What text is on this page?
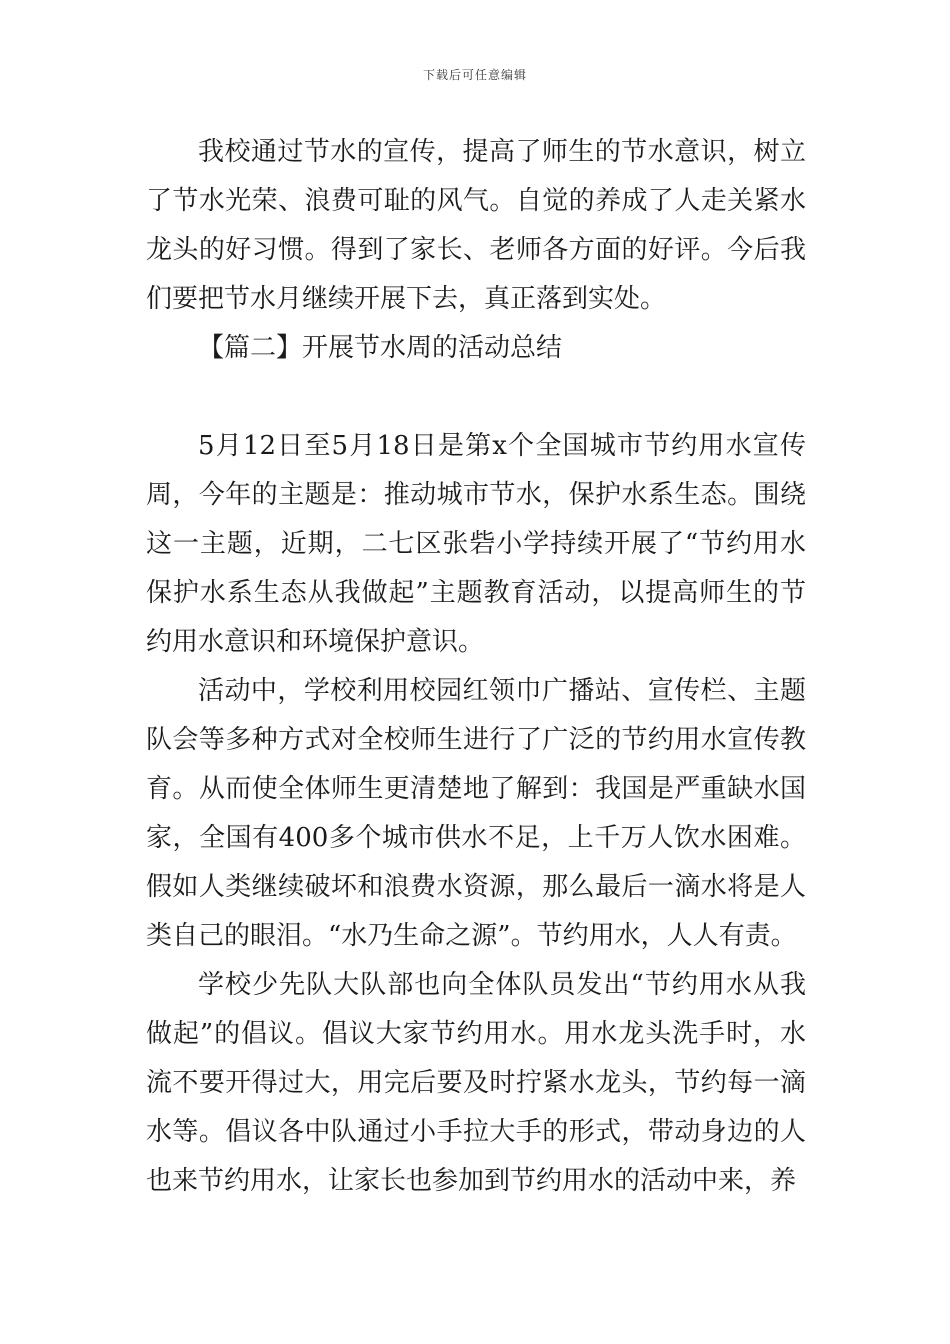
下载后可任意编辑

我校通过节水的宣传，提高了师生的节水意识，树立了节水光荣、浪费可耻的风气。自觉的养成了人走关紧水龙头的好习惯。得到了家长、老师各方面的好评。今后我们要把节水月继续开展下去，真正落到实处。

【篇二】开展节水周的活动总结

5月12日至5月18日是第x个全国城市节约用水宣传周，今年的主题是：推动城市节水，保护水系生态。围绕这一主题，近期，二七区张砦小学持续开展了“节约用水保护水系生态从我做起”主题教育活动，以提高师生的节约用水意识和环境保护意识。

活动中，学校利用校园红领巾广播站、宣传栏、主题队会等多种方式对全校师生进行了广泛的节约用水宣传教育。从而使全体师生更清楚地了解到：我国是严重缺水国家，全国有400多个城市供水不足，上千万人饮水困难。假如人类继续破坏和浪费水资源，那么最后一滴水将是人类自己的眼泪。“水乃生命之源”。节约用水，人人有责。

学校少先队大队部也向全体队员发出“节约用水从我做起”的倡议。倡议大家节约用水。用水龙头洗手时，水流不要开得过大，用完后要及时拧紧水龙头，节约每一滴水等。倡议各中队通过小手拉大手的形式，带动身边的人也来节约用水，让家长也参加到节约用水的活动中来，养
